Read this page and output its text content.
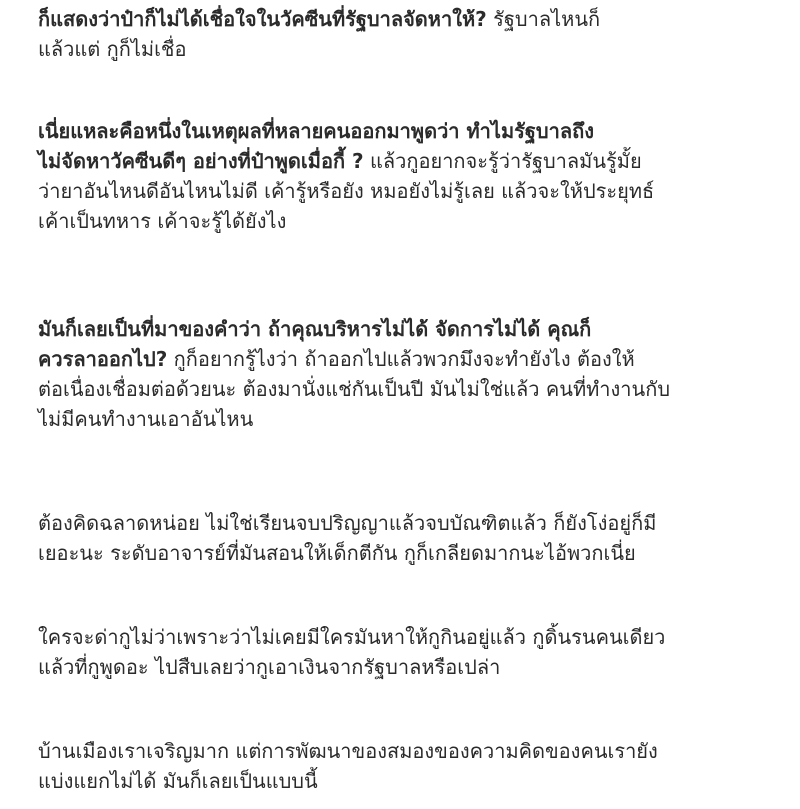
ก็แสดงว่าป๋าก็ไม่ได้เชื่อใจในวัคซีนที่รัฐบาลจัดหาให้? รัฐบาลไหนก็
แล้วแต่ กูก็ไม่เชื่อ

เนี่ยแหละคือหนึ่งในเหตุผลที่หลายคนออกมาพูดว่า ทำไมรัฐบาลถึง
ไม่จัดหาวัคซีนดีๆ อย่างที่ป๋าพูดเมื่อกี้ ? แล้วกูอยากจะรู้ว่ารัฐบาลมันรู้มั้ย
ว่ายาอันไหนดีอันไหนไม่ดี เค้ารู้หรือยัง หมอยังไม่รู้เลย แล้วจะให้ประยุทธ์
เค้าเป็นทหาร เค้าจะรู้ได้ยังไง

มันก็เลยเป็นที่มาของคำว่า ถ้าคุณบริหารไม่ได้ จัดการไม่ได้ คุณก็
ควรลาออกไป? กูก็อยากรู้ไงว่า ถ้าออกไปแล้วพวกมึงจะทำยังไง ต้องให้
ต่อเนื่องเชื่อมต่อด้วยนะ ต้องมานั่งแช่กันเป็นปี มันไม่ใช่แล้ว คนที่ทำงานกับ
ไม่มีคนทำงานเอาอันไหน

ต้องคิดฉลาดหน่อย ไม่ใช่เรียนจบปริญญาแล้วจบบัณฑิตแล้ว ก็ยังโง่อยู่ก็มี
เยอะนะ ระดับอาจารย์ที่มันสอนให้เด็กตีกัน กูก็เกลียดมากนะไอ้พวกเนี่ย

ใครจะด่ากูไม่ว่าเพราะว่าไม่เคยมีใครมันหาให้กูกินอยู่แล้ว กูดิ้นรนคนเดียว
แล้วที่กูพูดอะ ไปสืบเลยว่ากูเอาเงินจากรัฐบาลหรือเปล่า

บ้านเมืองเราเจริญมาก แต่การพัฒนาของสมองของความคิดของคนเรายัง
แบ่งแยกไม่ได้ มันก็เลยเป็นแบบนี้
